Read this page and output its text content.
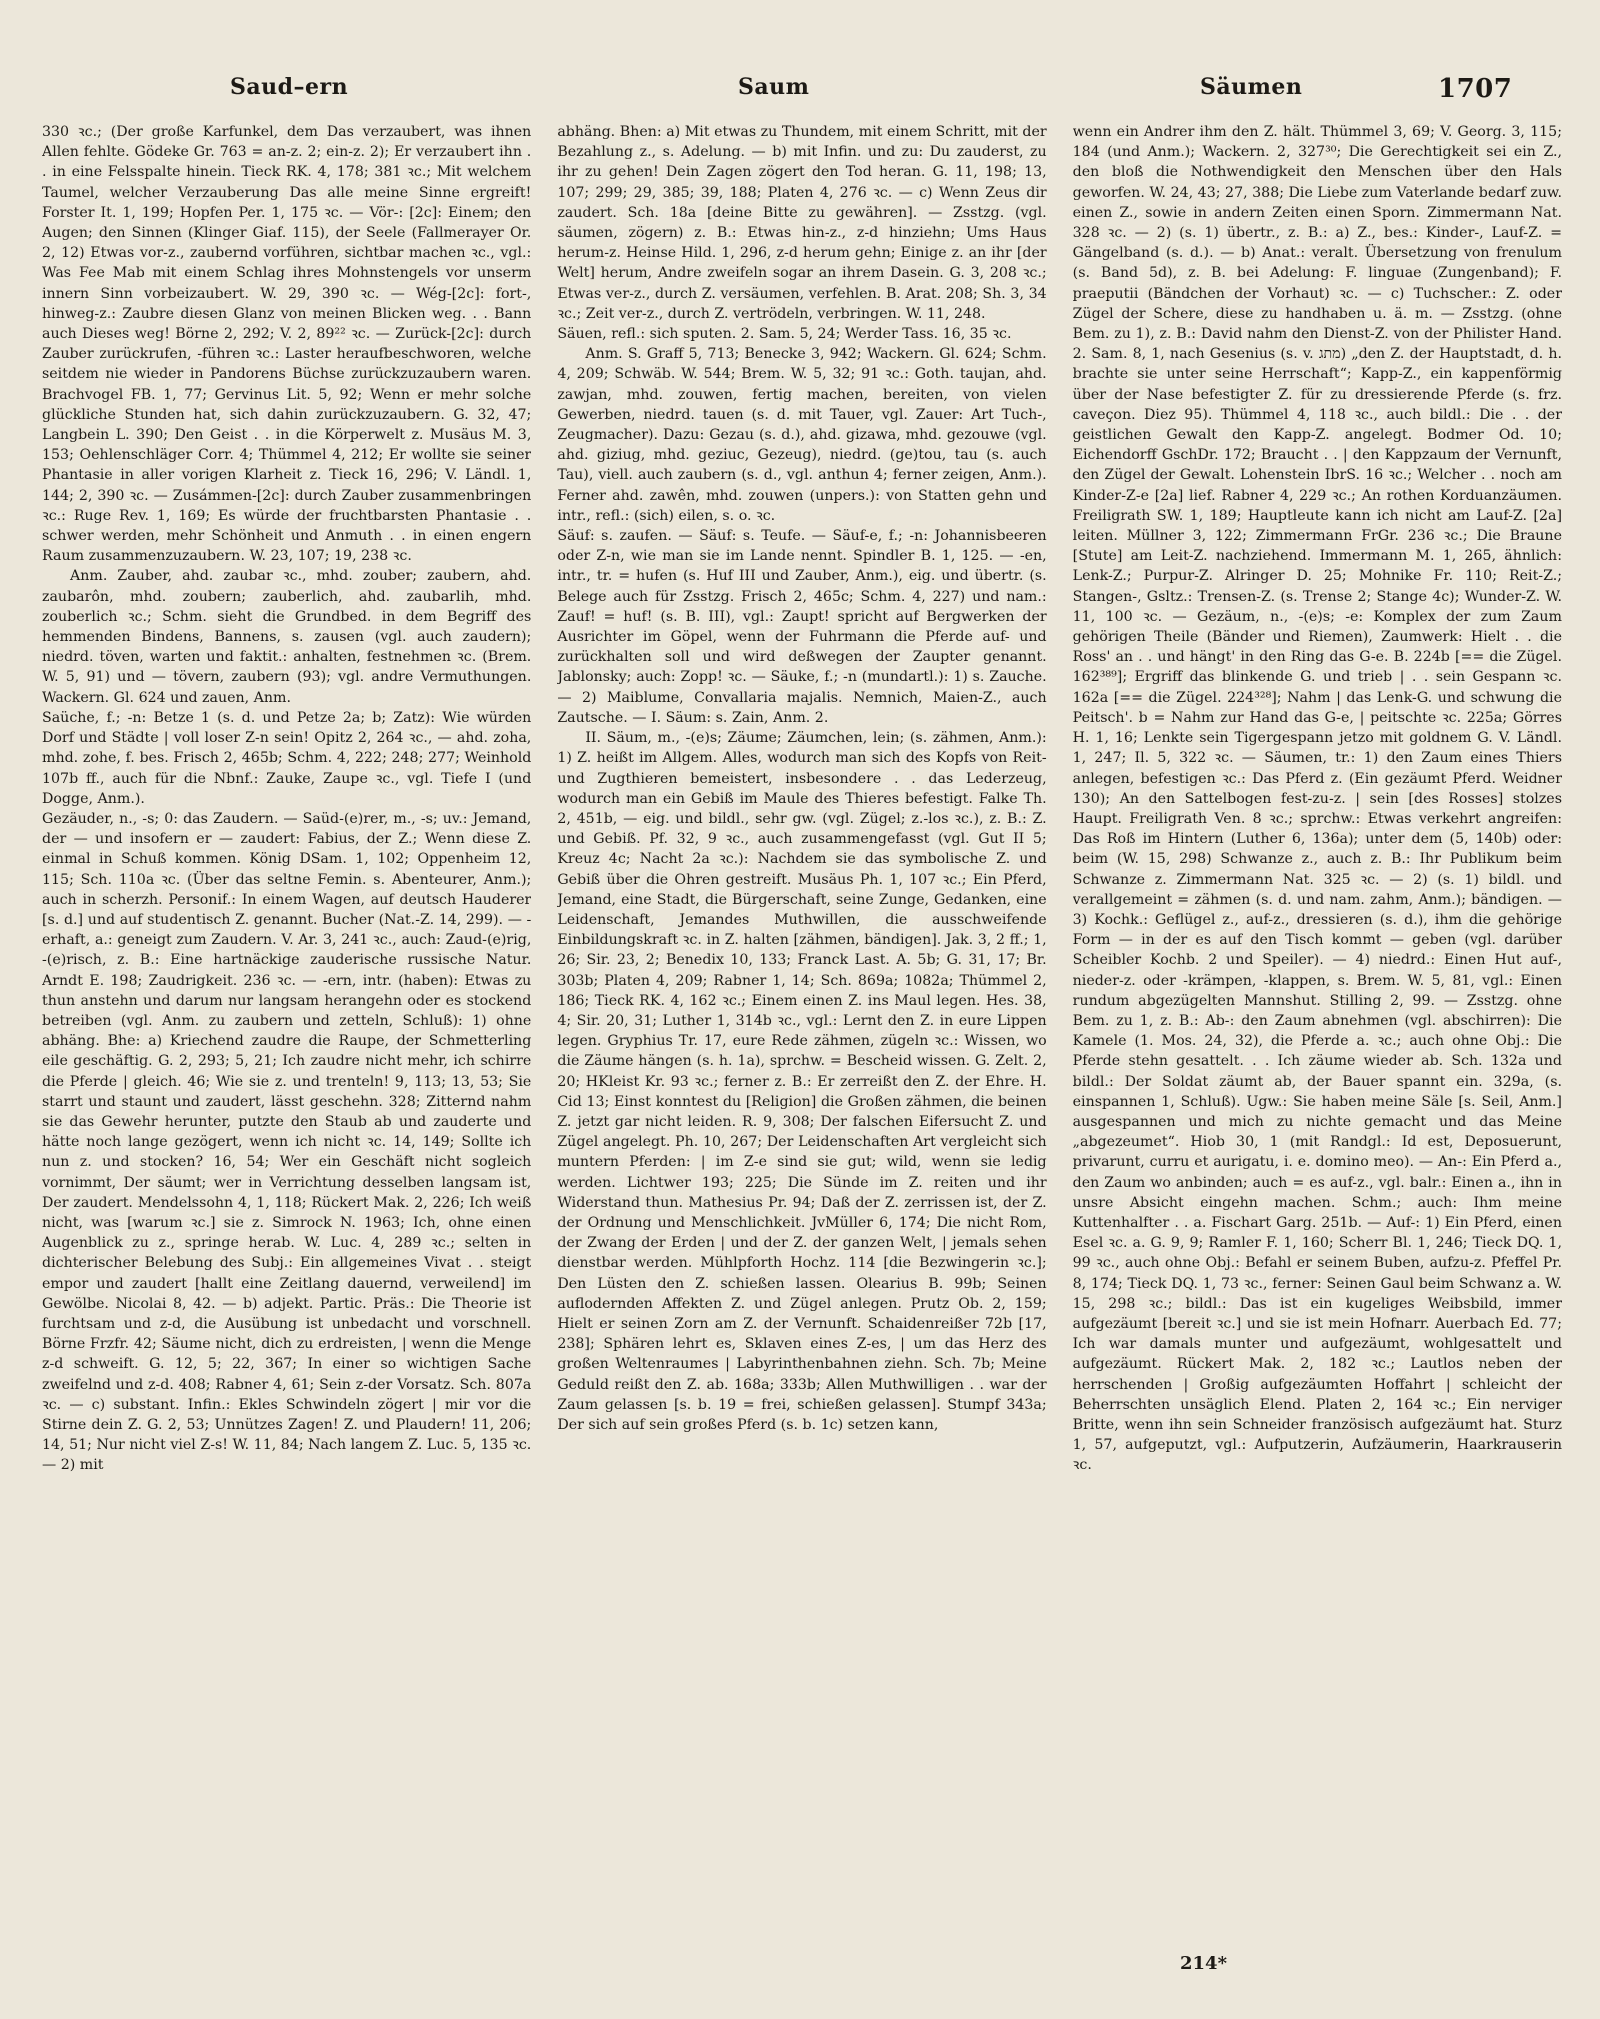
Saud–ern	Saum	Säumen	1707

330 ꝛc.; (Der große Karfunkel, dem Das verzaubert, was ihnen Allen fehlte. Gödeke Gr. 763 = an-z. 2; ein-z. 2); Er verzaubert ihn . . in eine Felsspalte hinein. Tieck RK. 4, 178; 381 ꝛc.; Mit welchem Taumel, welcher Verzauberung Das alle meine Sinne ergreift! Forster It. 1, 199; Hopfen Per. 1, 175 ꝛc. — Vör-: [2c]: Einem; den Augen; den Sinnen (Klinger Giaf. 115), der Seele (Fallmerayer Or. 2, 12) Etwas vor-z., zaubernd vorführen, sichtbar machen ꝛc., vgl.: Was Fee Mab mit einem Schlag ihres Mohnstengels vor unserm innern Sinn vorbeizaubert. W. 29, 390 ꝛc. — Wég-[2c]: fort-, hinweg-z.: Zaubre diesen Glanz von meinen Blicken weg. . . Bann auch Dieses weg! Börne 2, 292; V. 2, 89²² ꝛc. — Zurück-[2c]: durch Zauber zurückrufen, -führen ꝛc.: Laster heraufbeschworen, welche seitdem nie wieder in Pandorens Büchse zurückzuzaubern waren. Brachvogel FB. 1, 77; Gervinus Lit. 5, 92; Wenn er mehr solche glückliche Stunden hat, sich dahin zurückzuzaubern. G. 32, 47; Langbein L. 390; Den Geist . . in die Körperwelt z. Musäus M. 3, 153; Oehlenschläger Corr. 4; Thümmel 4, 212; Er wollte sie seiner Phantasie in aller vorigen Klarheit z. Tieck 16, 296; V. Ländl. 1, 144; 2, 390 ꝛc. — Zusámmen-[2c]: durch Zauber zusammenbringen ꝛc.: Ruge Rev. 1, 169; Es würde der fruchtbarsten Phantasie . . schwer werden, mehr Schönheit und Anmuth . . in einen engern Raum zusammenzuzaubern. W. 23, 107; 19, 238 ꝛc.

Anm. Zauber, ahd. zaubar ꝛc., mhd. zouber; zaubern, ahd. zaubarôn, mhd. zoubern; zauberlich, ahd. zaubarlih, mhd. zouberlich ꝛc.; Schm. sieht die Grundbed. in dem Begriff des hemmenden Bindens, Bannens, s. zausen (vgl. auch zaudern); niedrd. töven, warten und faktit.: anhalten, festnehmen ꝛc. (Brem. W. 5, 91) und — tövern, zaubern (93); vgl. andre Vermuthungen. Wackern. Gl. 624 und zauen, Anm.

Saüche, f.; -n: Betze 1 (s. d. und Petze 2a; b; Zatz): Wie würden Dorf und Städte | voll loser Z-n sein! Opitz 2, 264 ꝛc., — ahd. zoha, mhd. zohe, f. bes. Frisch 2, 465b; Schm. 4, 222; 248; 277; Weinhold 107b ff., auch für die Nbnf.: Zauke, Zaupe ꝛc., vgl. Tiefe I (und Dogge, Anm.).

Gezäuder, n., -s; 0: das Zaudern. — Saüd-(e)rer, m., -s; uv.: Jemand, der — und insofern er — zaudert: Fabius, der Z.; Wenn diese Z. einmal in Schuß kommen. König DSam. 1, 102; Oppenheim 12, 115; Sch. 110a ꝛc. (Über das seltne Femin. s. Abenteurer, Anm.); auch in scherzh. Personif.: In einem Wagen, auf deutsch Hauderer [s. d.] und auf studentisch Z. genannt. Bucher (Nat.-Z. 14, 299). — -erhaft, a.: geneigt zum Zaudern. V. Ar. 3, 241 ꝛc., auch: Zaud-(e)rig, -(e)risch, z. B.: Eine hartnäckige zauderische russische Natur. Arndt E. 198; Zaudrigkeit. 236 ꝛc. — -ern, intr. (haben): Etwas zu thun anstehn und darum nur langsam herangehn oder es stockend betreiben (vgl. Anm. zu zaubern und zetteln, Schluß): 1) ohne abhäng. Bhe: a) Kriechend zaudre die Raupe, der Schmetterling eile geschäftig. G. 2, 293; 5, 21; Ich zaudre nicht mehr, ich schirre die Pferde | gleich. 46; Wie sie z. und trenteln! 9, 113; 13, 53; Sie starrt und staunt und zaudert, lässt geschehn. 328; Zitternd nahm sie das Gewehr herunter, putzte den Staub ab und zauderte und hätte noch lange gezögert, wenn ich nicht ꝛc. 14, 149; Sollte ich nun z. und stocken? 16, 54; Wer ein Geschäft nicht sogleich vornimmt, Der säumt; wer in Verrichtung desselben langsam ist, Der zaudert. Mendelssohn 4, 1, 118; Rückert Mak. 2, 226; Ich weiß nicht, was [warum ꝛc.] sie z. Simrock N. 1963; Ich, ohne einen Augenblick zu z., springe herab. W. Luc. 4, 289 ꝛc.; selten in dichterischer Belebung des Subj.: Ein allgemeines Vivat . . steigt empor und zaudert [hallt eine Zeitlang dauernd, verweilend] im Gewölbe. Nicolai 8, 42. — b) adjekt. Partic. Präs.: Die Theorie ist furchtsam und z-d, die Ausübung ist unbedacht und vorschnell. Börne Frzfr. 42; Säume nicht, dich zu erdreisten, | wenn die Menge z-d schweift. G. 12, 5; 22, 367; In einer so wichtigen Sache zweifelnd und z-d. 408; Rabner 4, 61; Sein z-der Vorsatz. Sch. 807a ꝛc. — c) substant. Infin.: Ekles Schwindeln zögert | mir vor die Stirne dein Z. G. 2, 53; Unnützes Zagen! Z. und Plaudern! 11, 206; 14, 51; Nur nicht viel Z-s! W. 11, 84; Nach langem Z. Luc. 5, 135 ꝛc. — 2) mit

abhäng. Bhen: a) Mit etwas zu Thundem, mit einem Schritt, mit der Bezahlung z., s. Adelung. — b) mit Infin. und zu: Du zauderst, zu ihr zu gehen! Dein Zagen zögert den Tod heran. G. 11, 198; 13, 107; 299; 29, 385; 39, 188; Platen 4, 276 ꝛc. — c) Wenn Zeus dir zaudert. Sch. 18a [deine Bitte zu gewähren]. — Zsstzg. (vgl. säumen, zögern) z. B.: Etwas hin-z., z-d hinziehn; Ums Haus herum-z. Heinse Hild. 1, 296, z-d herum gehn; Einige z. an ihr [der Welt] herum, Andre zweifeln sogar an ihrem Dasein. G. 3, 208 ꝛc.; Etwas ver-z., durch Z. versäumen, verfehlen. B. Arat. 208; Sh. 3, 34 ꝛc.; Zeit ver-z., durch Z. vertrödeln, verbringen. W. 11, 248.

Säuen, refl.: sich sputen. 2. Sam. 5, 24; Werder Tass. 16, 35 ꝛc.

Anm. S. Graff 5, 713; Benecke 3, 942; Wackern. Gl. 624; Schm. 4, 209; Schwäb. W. 544; Brem. W. 5, 32; 91 ꝛc.: Goth. taujan, ahd. zawjan, mhd. zouwen, fertig machen, bereiten, von vielen Gewerben, niedrd. tauen (s. d. mit Tauer, vgl. Zauer: Art Tuch-, Zeugmacher). Dazu: Gezau (s. d.), ahd. gizawa, mhd. gezouwe (vgl. ahd. giziug, mhd. geziuc, Gezeug), niedrd. (ge)tou, tau (s. auch Tau), viell. auch zaubern (s. d., vgl. anthun 4; ferner zeigen, Anm.). Ferner ahd. zawên, mhd. zouwen (unpers.): von Statten gehn und intr., refl.: (sich) eilen, s. o. ꝛc.

Säuf: s. zaufen. — Säuf: s. Teufe. — Säuf-e, f.; -n: Johannisbeeren oder Z-n, wie man sie im Lande nennt. Spindler B. 1, 125. — -en, intr., tr. = hufen (s. Huf III und Zauber, Anm.), eig. und übertr. (s. Belege auch für Zsstzg. Frisch 2, 465c; Schm. 4, 227) und nam.: Zauf! = huf! (s. B. III), vgl.: Zaupt! spricht auf Bergwerken der Ausrichter im Göpel, wenn der Fuhrmann die Pferde auf- und zurückhalten soll und wird deßwegen der Zaupter genannt. Jablonsky; auch: Zopp! ꝛc. — Säuke, f.; -n (mundartl.): 1) s. Zauche. — 2) Maiblume, Convallaria majalis. Nemnich, Maien-Z., auch Zautsche. — I. Säum: s. Zain, Anm. 2.

II. Säum, m., -(e)s; Zäume; Zäumchen, lein; (s. zähmen, Anm.): 1) Z. heißt im Allgem. Alles, wodurch man sich des Kopfs von Reit- und Zugthieren bemeistert, insbesondere . . das Lederzeug, wodurch man ein Gebiß im Maule des Thieres befestigt. Falke Th. 2, 451b, — eig. und bildl., sehr gw. (vgl. Zügel; z.-los ꝛc.), z. B.: Z. und Gebiß. Pf. 32, 9 ꝛc., auch zusammengefasst (vgl. Gut II 5; Kreuz 4c; Nacht 2a ꝛc.): Nachdem sie das symbolische Z. und Gebiß über die Ohren gestreift. Musäus Ph. 1, 107 ꝛc.; Ein Pferd, Jemand, eine Stadt, die Bürgerschaft, seine Zunge, Gedanken, eine Leidenschaft, Jemandes Muthwillen, die ausschweifende Einbildungskraft ꝛc. in Z. halten [zähmen, bändigen]. Jak. 3, 2 ff.; 1, 26; Sir. 23, 2; Benedix 10, 133; Franck Last. A. 5b; G. 31, 17; Br. 303b; Platen 4, 209; Rabner 1, 14; Sch. 869a; 1082a; Thümmel 2, 186; Tieck RK. 4, 162 ꝛc.; Einem einen Z. ins Maul legen. Hes. 38, 4; Sir. 20, 31; Luther 1, 314b ꝛc., vgl.: Lernt den Z. in eure Lippen legen. Gryphius Tr. 17, eure Rede zähmen, zügeln ꝛc.: Wissen, wo die Zäume hängen (s. h. 1a), sprchw. = Bescheid wissen. G. Zelt. 2, 20; HKleist Kr. 93 ꝛc.; ferner z. B.: Er zerreißt den Z. der Ehre. H. Cid 13; Einst konntest du [Religion] die Großen zähmen, die beinen Z. jetzt gar nicht leiden. R. 9, 308; Der falschen Eifersucht Z. und Zügel angelegt. Ph. 10, 267; Der Leidenschaften Art vergleicht sich muntern Pferden: | im Z-e sind sie gut; wild, wenn sie ledig werden. Lichtwer 193; 225; Die Sünde im Z. reiten und ihr Widerstand thun. Mathesius Pr. 94; Daß der Z. zerrissen ist, der Z. der Ordnung und Menschlichkeit. JvMüller 6, 174; Die nicht Rom, der Zwang der Erden | und der Z. der ganzen Welt, | jemals sehen dienstbar werden. Mühlpforth Hochz. 114 [die Bezwingerin ꝛc.]; Den Lüsten den Z. schießen lassen. Olearius B. 99b; Seinen auflodernden Affekten Z. und Zügel anlegen. Prutz Ob. 2, 159; Hielt er seinen Zorn am Z. der Vernunft. Schaidenreißer 72b [17, 238]; Sphären lehrt es, Sklaven eines Z-es, | um das Herz des großen Weltenraumes | Labyrinthenbahnen ziehn. Sch. 7b; Meine Geduld reißt den Z. ab. 168a; 333b; Allen Muthwilligen . . war der Zaum gelassen [s. b. 19 = frei, schießen gelassen]. Stumpf 343a; Der sich auf sein großes Pferd (s. b. 1c) setzen kann,

wenn ein Andrer ihm den Z. hält. Thümmel 3, 69; V. Georg. 3, 115; 184 (und Anm.); Wackern. 2, 327³⁰; Die Gerechtigkeit sei ein Z., den bloß die Nothwendigkeit den Menschen über den Hals geworfen. W. 24, 43; 27, 388; Die Liebe zum Vaterlande bedarf zuw. einen Z., sowie in andern Zeiten einen Sporn. Zimmermann Nat. 328 ꝛc. — 2) (s. 1) übertr., z. B.: a) Z., bes.: Kinder-, Lauf-Z. = Gängelband (s. d.). — b) Anat.: veralt. Übersetzung von frenulum (s. Band 5d), z. B. bei Adelung: F. linguae (Zungenband); F. praeputii (Bändchen der Vorhaut) ꝛc. — c) Tuchscher.: Z. oder Zügel der Schere, diese zu handhaben u. ä. m. — Zsstzg. (ohne Bem. zu 1), z. B.: David nahm den Dienst-Z. von der Philister Hand. 2. Sam. 8, 1, nach Gesenius (s. v. מתג) „den Z. der Hauptstadt, d. h. brachte sie unter seine Herrschaft“; Kapp-Z., ein kappenförmig über der Nase befestigter Z. für zu dressierende Pferde (s. frz. caveçon. Diez 95). Thümmel 4, 118 ꝛc., auch bildl.: Die . . der geistlichen Gewalt den Kapp-Z. angelegt. Bodmer Od. 10; Eichendorff GschDr. 172; Braucht . . | den Kappzaum der Vernunft, den Zügel der Gewalt. Lohenstein IbrS. 16 ꝛc.; Welcher . . noch am Kinder-Z-e [2a] lief. Rabner 4, 229 ꝛc.; An rothen Korduanzäumen. Freiligrath SW. 1, 189; Hauptleute kann ich nicht am Lauf-Z. [2a] leiten. Müllner 3, 122; Zimmermann FrGr. 236 ꝛc.; Die Braune [Stute] am Leit-Z. nachziehend. Immermann M. 1, 265, ähnlich: Lenk-Z.; Purpur-Z. Alringer D. 25; Mohnike Fr. 110; Reit-Z.; Stangen-, Gsltz.: Trensen-Z. (s. Trense 2; Stange 4c); Wunder-Z. W. 11, 100 ꝛc. — Gezäum, n., -(e)s; -e: Komplex der zum Zaum gehörigen Theile (Bänder und Riemen), Zaumwerk: Hielt . . die Ross' an . . und hängt' in den Ring das G-e. B. 224b [== die Zügel. 162³⁸⁹]; Ergriff das blinkende G. und trieb | . . sein Gespann ꝛc. 162a [== die Zügel. 224³²⁸]; Nahm | das Lenk-G. und schwung die Peitsch'. b = Nahm zur Hand das G-e, | peitschte ꝛc. 225a; Görres H. 1, 16; Lenkte sein Tigergespann jetzo mit goldnem G. V. Ländl. 1, 247; Il. 5, 322 ꝛc. — Säumen, tr.: 1) den Zaum eines Thiers anlegen, befestigen ꝛc.: Das Pferd z. (Ein gezäumt Pferd. Weidner 130); An den Sattelbogen fest-zu-z. | sein [des Rosses] stolzes Haupt. Freiligrath Ven. 8 ꝛc.; sprchw.: Etwas verkehrt angreifen: Das Roß im Hintern (Luther 6, 136a); unter dem (5, 140b) oder: beim (W. 15, 298) Schwanze z., auch z. B.: Ihr Publikum beim Schwanze z. Zimmermann Nat. 325 ꝛc. — 2) (s. 1) bildl. und verallgemeint = zähmen (s. d. und nam. zahm, Anm.); bändigen. — 3) Kochk.: Geflügel z., auf-z., dressieren (s. d.), ihm die gehörige Form — in der es auf den Tisch kommt — geben (vgl. darüber Scheibler Kochb. 2 und Speiler). — 4) niedrd.: Einen Hut auf-, nieder-z. oder -krämpen, -klappen, s. Brem. W. 5, 81, vgl.: Einen rundum abgezügelten Mannshut. Stilling 2, 99. — Zsstzg. ohne Bem. zu 1, z. B.: Ab-: den Zaum abnehmen (vgl. abschirren): Die Kamele (1. Mos. 24, 32), die Pferde a. ꝛc.; auch ohne Obj.: Die Pferde stehn gesattelt. . . Ich zäume wieder ab. Sch. 132a und bildl.: Der Soldat zäumt ab, der Bauer spannt ein. 329a, (s. einspannen 1, Schluß). Ugw.: Sie haben meine Säle [s. Seil, Anm.] ausgespannen und mich zu nichte gemacht und das Meine „abgezeumet“. Hiob 30, 1 (mit Randgl.: Id est, Deposuerunt, privarunt, curru et aurigatu, i. e. domino meo). — An-: Ein Pferd a., den Zaum wo anbinden; auch = es auf-z., vgl. balr.: Einen a., ihn in unsre Absicht eingehn machen. Schm.; auch: Ihm meine Kuttenhalfter . . a. Fischart Garg. 251b. — Auf-: 1) Ein Pferd, einen Esel ꝛc. a. G. 9, 9; Ramler F. 1, 160; Scherr Bl. 1, 246; Tieck DQ. 1, 99 ꝛc., auch ohne Obj.: Befahl er seinem Buben, aufzu-z. Pfeffel Pr. 8, 174; Tieck DQ. 1, 73 ꝛc., ferner: Seinen Gaul beim Schwanz a. W. 15, 298 ꝛc.; bildl.: Das ist ein kugeliges Weibsbild, immer aufgezäumt [bereit ꝛc.] und sie ist mein Hofnarr. Auerbach Ed. 77; Ich war damals munter und aufgezäumt, wohlgesattelt und aufgezäumt. Rückert Mak. 2, 182 ꝛc.; Lautlos neben der herrschenden | Großig aufgezäumten Hoffahrt | schleicht der Beherrschten unsäglich Elend. Platen 2, 164 ꝛc.; Ein nerviger Britte, wenn ihn sein Schneider französisch aufgezäumt hat. Sturz 1, 57, aufgeputzt, vgl.: Aufputzerin, Aufzäumerin, Haarkrauserin ꝛc.

214*
